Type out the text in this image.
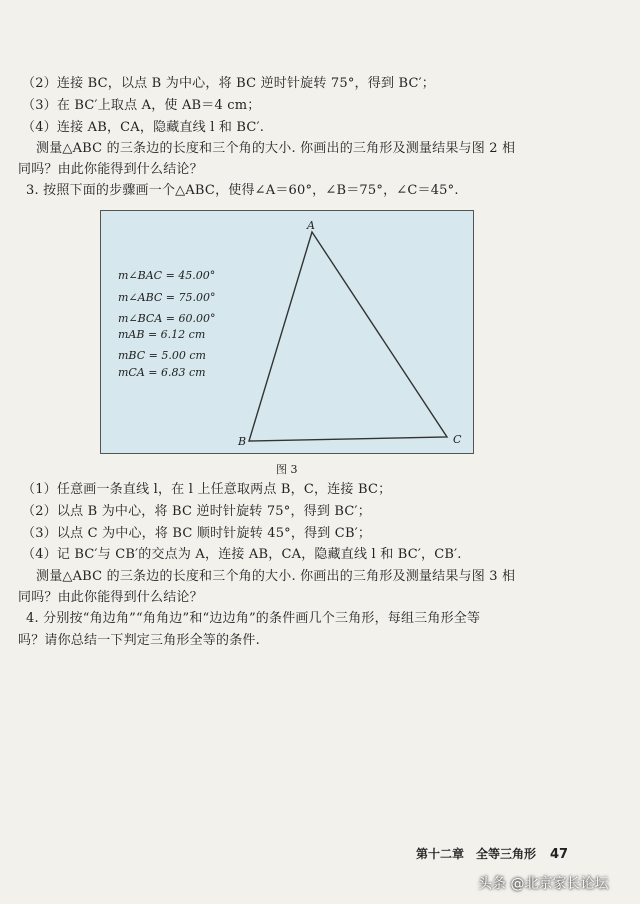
（2）连接 BC，以点 B 为中心，将 BC 逆时针旋转 75°，得到 BC′；
（3）在 BC′上取点 A，使 AB＝4 cm；
（4）连接 AB，CA，隐藏直线 l 和 BC′.
测量△ABC 的三条边的长度和三个角的大小. 你画出的三角形及测量结果与图 2 相
同吗？由此你能得到什么结论？
3. 按照下面的步骤画一个△ABC，使得∠A＝60°，∠B＝75°，∠C＝45°.
m∠BAC = 45.00°
m∠ABC = 75.00°
m∠BCA = 60.00°
mAB = 6.12 cm
mBC = 5.00 cm
mCA = 6.83 cm
A
B	C
图 3
（1）任意画一条直线 l，在 l 上任意取两点 B，C，连接 BC；
（2）以点 B 为中心，将 BC 逆时针旋转 75°，得到 BC′；
（3）以点 C 为中心，将 BC 顺时针旋转 45°，得到 CB′；
（4）记 BC′与 CB′的交点为 A，连接 AB，CA，隐藏直线 l 和 BC′，CB′.
测量△ABC 的三条边的长度和三个角的大小. 你画出的三角形及测量结果与图 3 相
同吗？由此你能得到什么结论？
4. 分别按“角边角”“角角边”和“边边角”的条件画几个三角形，每组三角形全等
吗？请你总结一下判定三角形全等的条件.
第十二章　全等三角形 47
头条 @北京家长论坛
